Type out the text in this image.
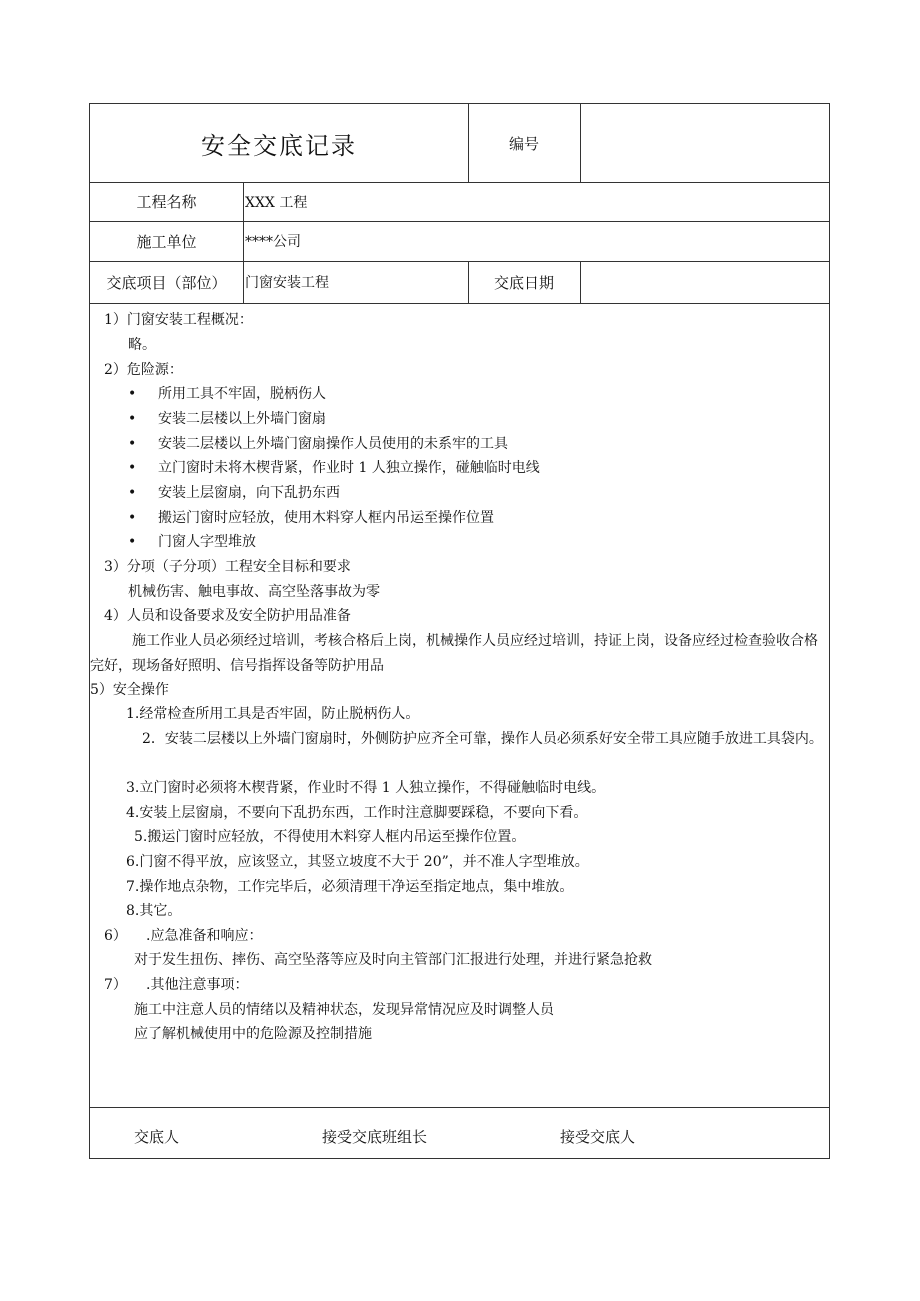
安全交底记录	编号
工程名称	XXX 工程
施工单位	****公司
交底项目（部位）	门窗安装工程	交底日期
1）门窗安装工程概况：
略。
2）危险源：
• 所用工具不牢固，脱柄伤人
• 安装二层楼以上外墙门窗扇
• 安装二层楼以上外墙门窗扇操作人员使用的未系牢的工具
• 立门窗时未将木楔背紧，作业时 1 人独立操作，碰触临时电线
• 安装上层窗扇，向下乱扔东西
• 搬运门窗时应轻放，使用木料穿人框内吊运至操作位置
• 门窗人字型堆放
3）分项（子分项）工程安全目标和要求
机械伤害、触电事故、高空坠落事故为零
4）人员和设备要求及安全防护用品准备
施工作业人员必须经过培训，考核合格后上岗，机械操作人员应经过培训，持证上岗，设备应经过检查验收合格完好，现场备好照明、信号指挥设备等防护用品
5）安全操作
1.经常检查所用工具是否牢固，防止脱柄伤人。
2．安装二层楼以上外墙门窗扇时，外侧防护应齐全可靠，操作人员必须系好安全带工具应随手放进工具袋内。
3.立门窗时必须将木楔背紧，作业时不得 1 人独立操作，不得碰触临时电线。
4.安装上层窗扇，不要向下乱扔东西，工作时注意脚要踩稳，不要向下看。
5.搬运门窗时应轻放，不得使用木料穿人框内吊运至操作位置。
6.门窗不得平放，应该竖立，其竖立坡度不大于 20”，并不准人字型堆放。
7.操作地点杂物，工作完毕后，必须清理干净运至指定地点，集中堆放。
8.其它。
6） .应急准备和响应：
对于发生扭伤、摔伤、高空坠落等应及时向主管部门汇报进行处理，并进行紧急抢救
7） .其他注意事项：
施工中注意人员的情绪以及精神状态，发现异常情况应及时调整人员
应了解机械使用中的危险源及控制措施
交底人	接受交底班组长	接受交底人
